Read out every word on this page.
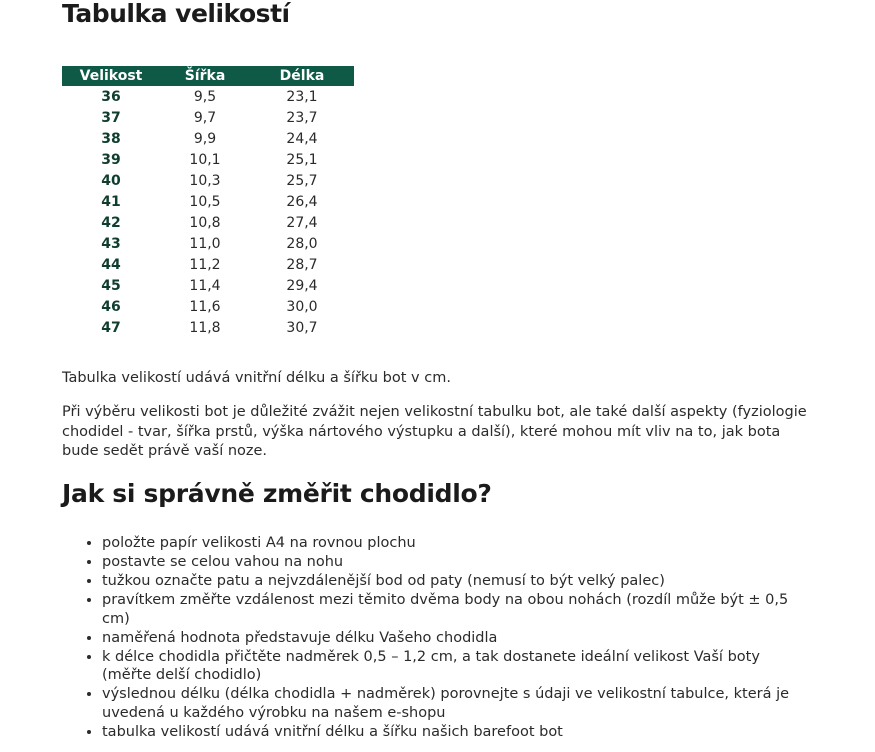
Tabulka velikostí
Velikost	Šířka	Délka
36	9,5	23,1
37	9,7	23,7
38	9,9	24,4
39	10,1	25,1
40	10,3	25,7
41	10,5	26,4
42	10,8	27,4
43	11,0	28,0
44	11,2	28,7
45	11,4	29,4
46	11,6	30,0
47	11,8	30,7

Tabulka velikostí udává vnitřní délku a šířku bot v cm.

Při výběru velikosti bot je důležité zvážit nejen velikostní tabulku bot, ale také další aspekty (fyziologie chodidel - tvar, šířka prstů, výška nártového výstupku a další), které mohou mít vliv na to, jak bota bude sedět právě vaší noze.

Jak si správně změřit chodidlo?
• položte papír velikosti A4 na rovnou plochu
• postavte se celou vahou na nohu
• tužkou označte patu a nejvzdálenější bod od paty (nemusí to být velký palec)
• pravítkem změřte vzdálenost mezi těmito dvěma body na obou nohách (rozdíl může být ± 0,5 cm)
• naměřená hodnota představuje délku Vašeho chodidla
• k délce chodidla přičtěte nadměrek 0,5 – 1,2 cm, a tak dostanete ideální velikost Vaší boty (měřte delší chodidlo)
• výslednou délku (délka chodidla + nadměrek) porovnejte s údaji ve velikostní tabulce, která je uvedená u každého výrobku na našem e-shopu
• tabulka velikostí udává vnitřní délku a šířku našich barefoot bot
